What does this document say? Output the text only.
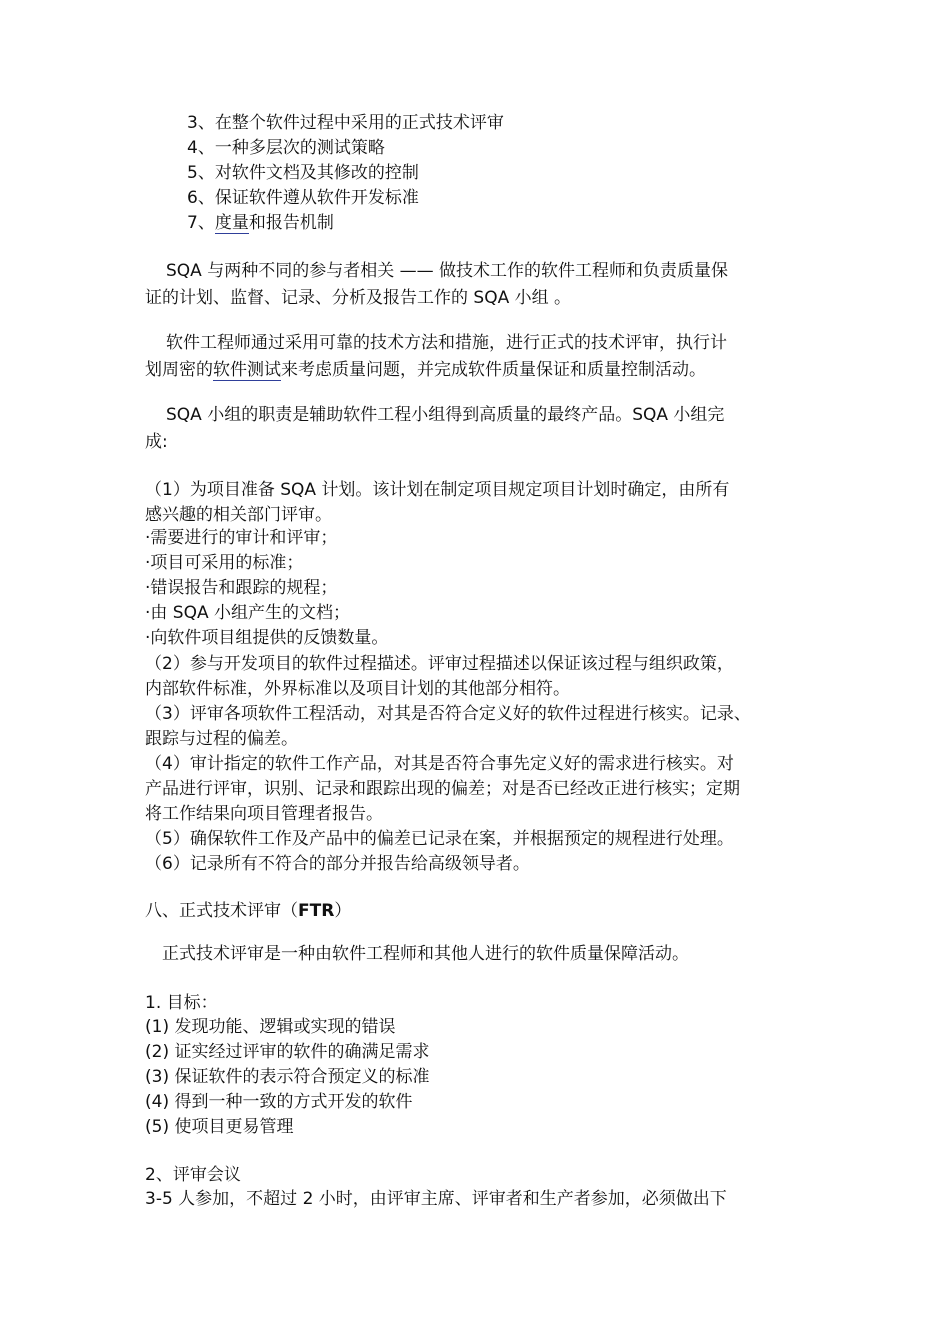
3、在整个软件过程中采用的正式技术评审
4、一种多层次的测试策略
5、对软件文档及其修改的控制
6、保证软件遵从软件开发标准
7、度量和报告机制
SQA 与两种不同的参与者相关 —— 做技术工作的软件工程师和负责质量保
证的计划、监督、记录、分析及报告工作的 SQA 小组 。
软件工程师通过采用可靠的技术方法和措施，进行正式的技术评审，执行计
划周密的软件测试来考虑质量问题，并完成软件质量保证和质量控制活动。
SQA 小组的职责是辅助软件工程小组得到高质量的最终产品。SQA 小组完
成:
（1）为项目准备 SQA 计划。该计划在制定项目规定项目计划时确定，由所有
感兴趣的相关部门评审。
·需要进行的审计和评审；
·项目可采用的标准；
·错误报告和跟踪的规程；
·由 SQA 小组产生的文档；
·向软件项目组提供的反馈数量。
（2）参与开发项目的软件过程描述。评审过程描述以保证该过程与组织政策，
内部软件标准，外界标准以及项目计划的其他部分相符。
（3）评审各项软件工程活动，对其是否符合定义好的软件过程进行核实。记录、
跟踪与过程的偏差。
（4）审计指定的软件工作产品，对其是否符合事先定义好的需求进行核实。对
产品进行评审，识别、记录和跟踪出现的偏差；对是否已经改正进行核实；定期
将工作结果向项目管理者报告。
（5）确保软件工作及产品中的偏差已记录在案，并根据预定的规程进行处理。
（6）记录所有不符合的部分并报告给高级领导者。
八、正式技术评审（FTR）
正式技术评审是一种由软件工程师和其他人进行的软件质量保障活动。
1. 目标：
(1) 发现功能、逻辑或实现的错误
(2) 证实经过评审的软件的确满足需求
(3) 保证软件的表示符合预定义的标准
(4) 得到一种一致的方式开发的软件
(5) 使项目更易管理
2、评审会议
3-5 人参加，不超过 2 小时，由评审主席、评审者和生产者参加，必须做出下
